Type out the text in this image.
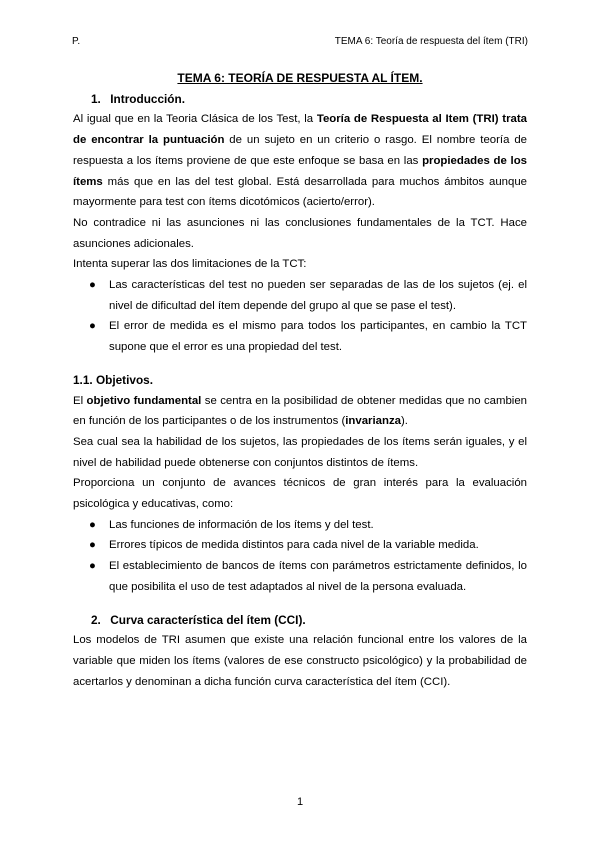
P.	TEMA 6: Teoría de respuesta del ítem (TRI)
TEMA 6: TEORÍA DE RESPUESTA AL ÍTEM.
1. Introducción.

Al igual que en la Teoria Clásica de los Test, la Teoría de Respuesta al Item (TRI) trata de encontrar la puntuación de un sujeto en un criterio o rasgo. El nombre teoría de respuesta a los ítems proviene de que este enfoque se basa en las propiedades de los ítems más que en las del test global. Está desarrollada para muchos ámbitos aunque mayormente para test con ítems dicotómicos (acierto/error).

No contradice ni las asunciones ni las conclusiones fundamentales de la TCT. Hace asunciones adicionales.

Intenta superar las dos limitaciones de la TCT:

● Las características del test no pueden ser separadas de las de los sujetos (ej. el nivel de dificultad del ítem depende del grupo al que se pase el test).
● El error de medida es el mismo para todos los participantes, en cambio la TCT supone que el error es una propiedad del test.
1.1. Objetivos.

El objetivo fundamental se centra en la posibilidad de obtener medidas que no cambien en función de los participantes o de los instrumentos (invarianza).

Sea cual sea la habilidad de los sujetos, las propiedades de los ítems serán iguales, y el nivel de habilidad puede obtenerse con conjuntos distintos de ítems.

Proporciona un conjunto de avances técnicos de gran interés para la evaluación psicológica y educativas, como:

● Las funciones de información de los ítems y del test.
● Errores típicos de medida distintos para cada nivel de la variable medida.
● El establecimiento de bancos de ítems con parámetros estrictamente definidos, lo que posibilita el uso de test adaptados al nivel de la persona evaluada.
2. Curva característica del ítem (CCI).

Los modelos de TRI asumen que existe una relación funcional entre los valores de la variable que miden los ítems (valores de ese constructo psicológico) y la probabilidad de acertarlos y denominan a dicha función curva característica del ítem (CCI).

1
